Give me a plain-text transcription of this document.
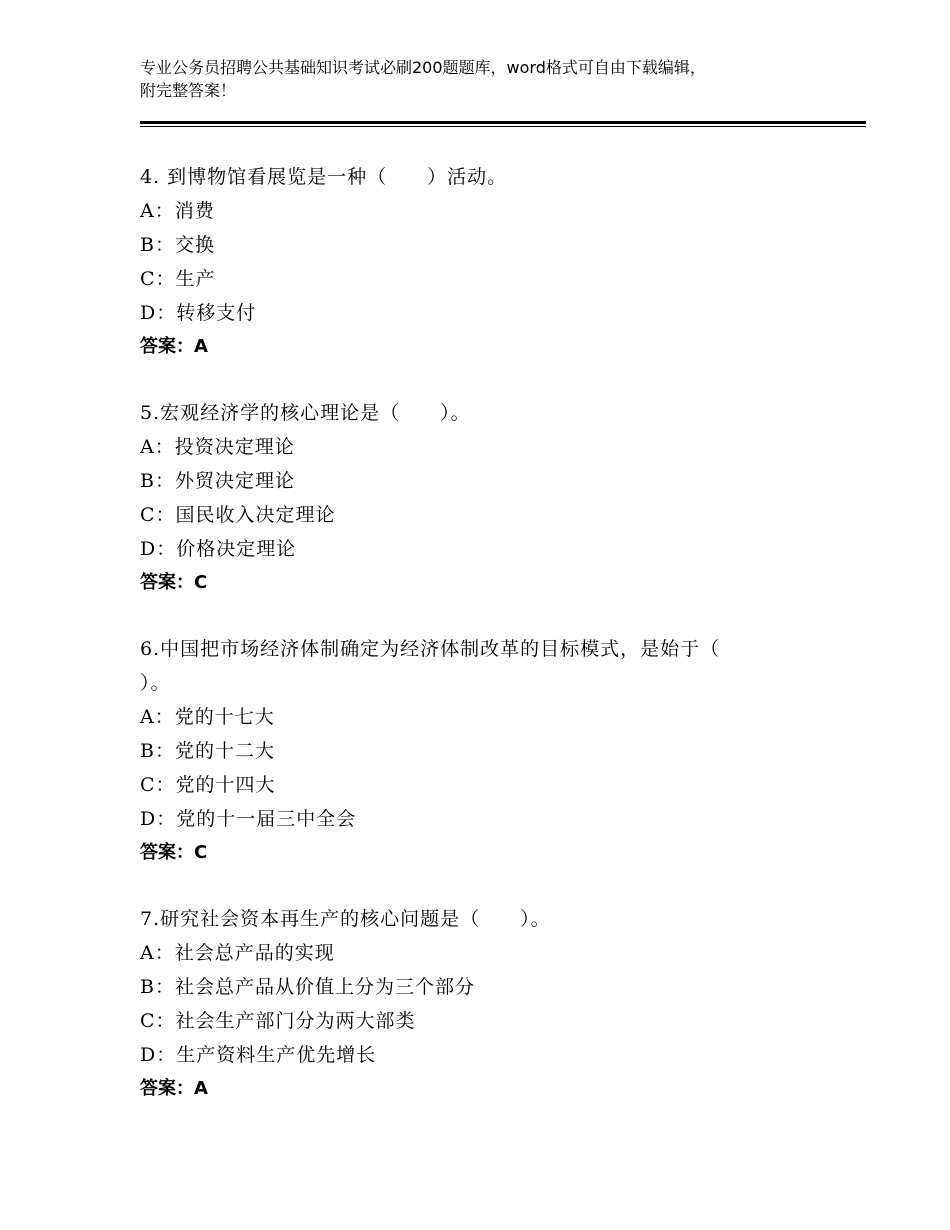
专业公务员招聘公共基础知识考试必刷200题题库，word格式可自由下载编辑，
附完整答案！
4. 到博物馆看展览是一种（　　）活动。
A：消费
B：交换
C：生产
D：转移支付
答案：A
5.宏观经济学的核心理论是（　　）。
A：投资决定理论
B：外贸决定理论
C：国民收入决定理论
D：价格决定理论
答案：C
6.中国把市场经济体制确定为经济体制改革的目标模式，是始于（
）。
A：党的十七大
B：党的十二大
C：党的十四大
D：党的十一届三中全会
答案：C
7.研究社会资本再生产的核心问题是（　　）。
A：社会总产品的实现
B：社会总产品从价值上分为三个部分
C：社会生产部门分为两大部类
D：生产资料生产优先增长
答案：A
